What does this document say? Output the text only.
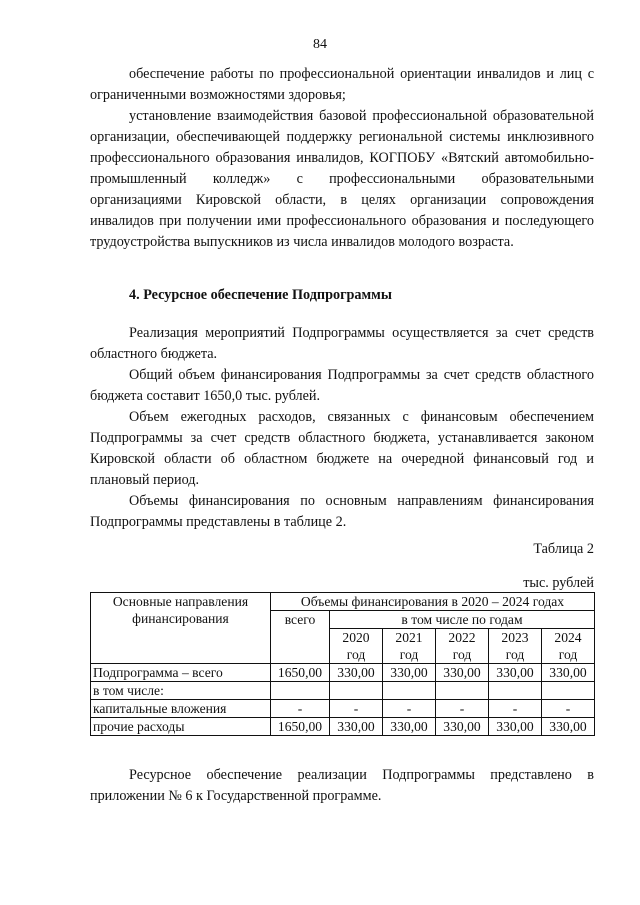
84

обеспечение работы по профессиональной ориентации инвалидов и лиц с ограниченными возможностями здоровья;

установление взаимодействия базовой профессиональной образовательной организации, обеспечивающей поддержку региональной системы инклюзивного профессионального образования инвалидов, КОГПОБУ «Вятский автомобильно-промышленный колледж» с профессиональными образовательными организациями Кировской области, в целях организации сопровождения инвалидов при получении ими профессионального образования и последующего трудоустройства выпускников из числа инвалидов молодого возраста.

4. Ресурсное обеспечение Подпрограммы

Реализация мероприятий Подпрограммы осуществляется за счет средств областного бюджета.

Общий объем финансирования Подпрограммы за счет средств областного бюджета составит 1650,0 тыс. рублей.

Объем ежегодных расходов, связанных с финансовым обеспечением Подпрограммы за счет средств областного бюджета, устанавливается законом Кировской области об областном бюджете на очередной финансовый год и плановый период.

Объемы финансирования по основным направлениям финансирования Подпрограммы представлены в таблице 2.

Таблица 2

тыс. рублей

Основные направления финансирования	Объемы финансирования в 2020 – 2024 годах					
	всего	в том числе по годам				
		2020 год	2021 год	2022 год	2023 год	2024 год
Подпрограмма – всего	1650,00	330,00	330,00	330,00	330,00	330,00
в том числе:						
капитальные вложения	-	-	-	-	-	-
прочие расходы	1650,00	330,00	330,00	330,00	330,00	330,00

Ресурсное обеспечение реализации Подпрограммы представлено в приложении № 6 к Государственной программе.
